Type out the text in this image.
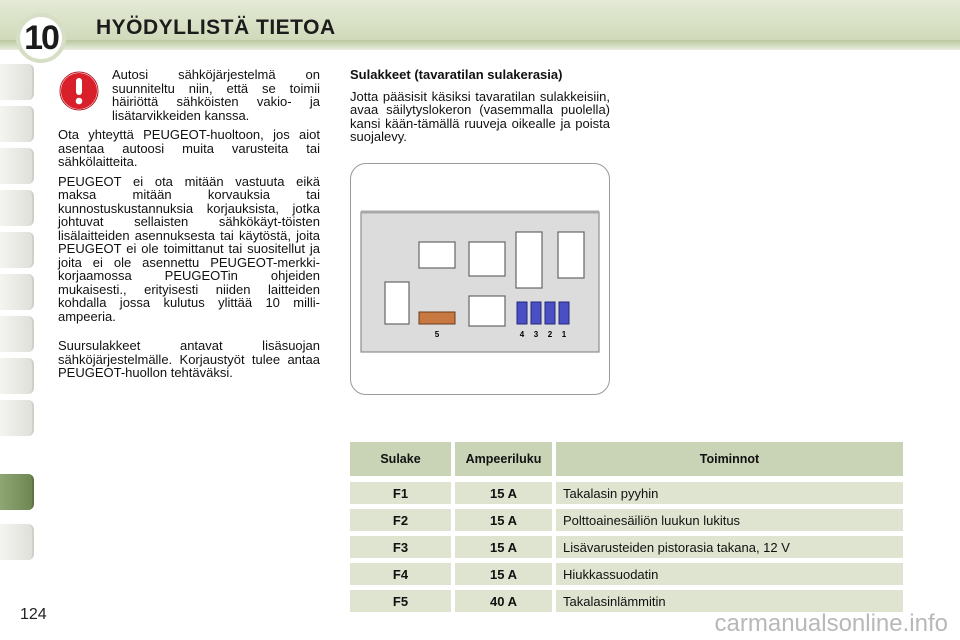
10	HYÖDYLLISTÄ TIETOA

Autosi sähköjärjestelmä on suunniteltu niin, että se toimii häiriöttä sähköisten vakio- ja lisätarvikkeiden kanssa.

Ota yhteyttä PEUGEOT-huoltoon, jos aiot asentaa autoosi muita varusteita tai sähkölaitteita.

PEUGEOT ei ota mitään vastuuta eikä maksa mitään korvauksia tai kunnostuskustannuksia korjauksista, jotka johtuvat sellaisten sähkökäyt-töisten lisälaitteiden asennuksesta tai käytöstä, joita PEUGEOT ei ole toimittanut tai suositellut ja joita ei ole asennettu PEUGEOT-merkki-korjaamossa PEUGEOTin ohjeiden mukaisesti., erityisesti niiden laitteiden kohdalla jossa kulutus ylittää 10 milli-ampeeria.

Suursulakkeet antavat lisäsuojan sähköjärjestelmälle. Korjaustyöt tulee antaa PEUGEOT-huollon tehtäväksi.

Sulakkeet (tavaratilan sulakerasia)

Jotta pääsisit käsiksi tavaratilan sulakkeisiin, avaa säilytyslokeron (vasemmalla puolella) kansi kään-tämällä ruuveja oikealle ja poista suojalevy.

5	4 3 2 1
Sulake	Ampeeriluku	Toiminnot
F1	15 A	Takalasin pyyhin
F2	15 A	Polttoainesäiliön luukun lukitus
F3	15 A	Lisävarusteiden pistorasia takana, 12 V
F4	15 A	Hiukkassuodatin
F5	40 A	Takalasinlämmitin
124	carmanualsonline.info
